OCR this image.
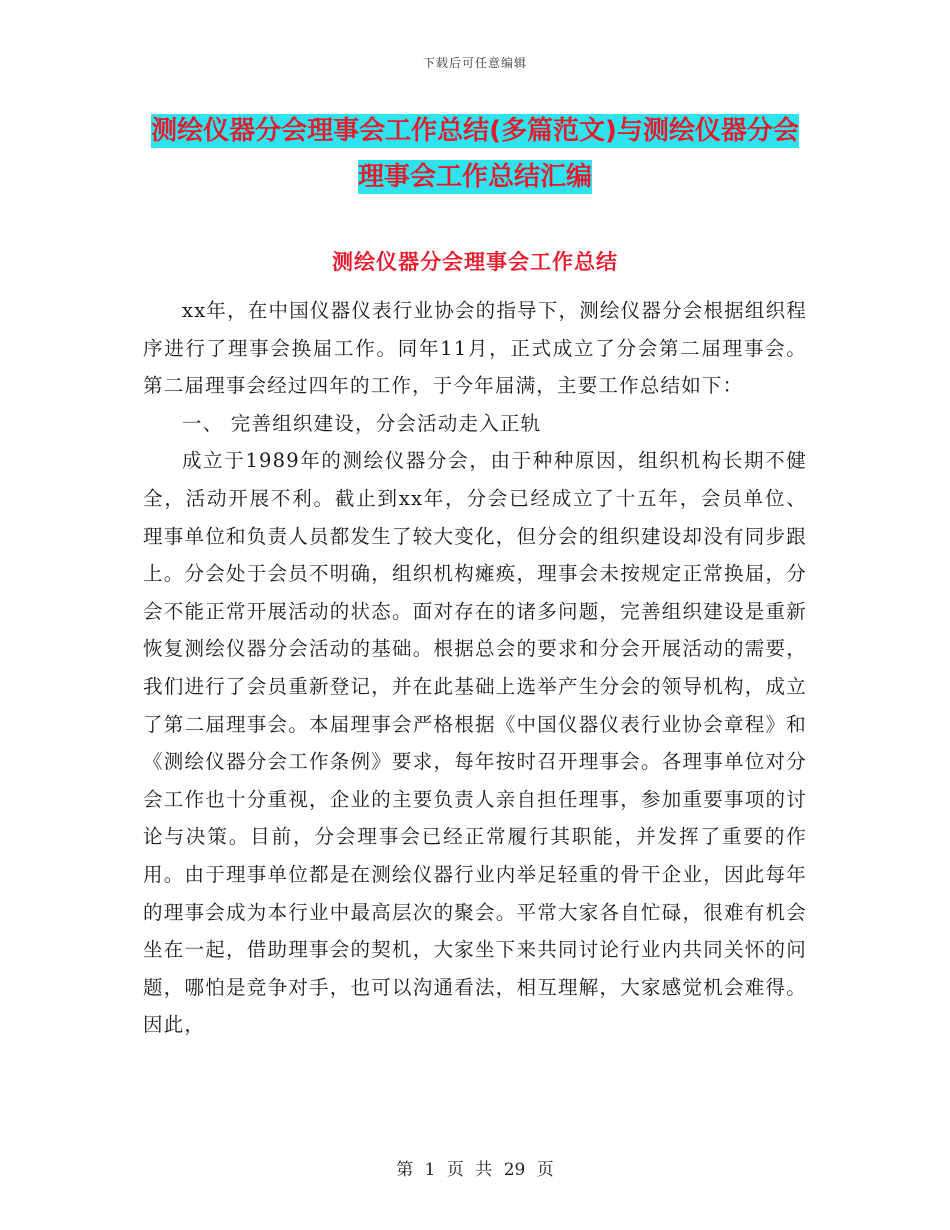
下载后可任意编辑
测绘仪器分会理事会工作总结(多篇范文)与测绘仪器分会理事会工作总结汇编
测绘仪器分会理事会工作总结

xx年，在中国仪器仪表行业协会的指导下，测绘仪器分会根据组织程序进行了理事会换届工作。同年11月，正式成立了分会第二届理事会。第二届理事会经过四年的工作，于今年届满，主要工作总结如下：

一、 完善组织建设，分会活动走入正轨

成立于1989年的测绘仪器分会，由于种种原因，组织机构长期不健全，活动开展不利。截止到xx年，分会已经成立了十五年，会员单位、理事单位和负责人员都发生了较大变化，但分会的组织建设却没有同步跟上。分会处于会员不明确，组织机构瘫痪，理事会未按规定正常换届，分会不能正常开展活动的状态。面对存在的诸多问题，完善组织建设是重新恢复测绘仪器分会活动的基础。根据总会的要求和分会开展活动的需要，我们进行了会员重新登记，并在此基础上选举产生分会的领导机构，成立了第二届理事会。本届理事会严格根据《中国仪器仪表行业协会章程》和《测绘仪器分会工作条例》要求，每年按时召开理事会。各理事单位对分会工作也十分重视，企业的主要负责人亲自担任理事，参加重要事项的讨论与决策。目前，分会理事会已经正常履行其职能，并发挥了重要的作用。由于理事单位都是在测绘仪器行业内举足轻重的骨干企业，因此每年的理事会成为本行业中最高层次的聚会。平常大家各自忙碌，很难有机会坐在一起，借助理事会的契机，大家坐下来共同讨论行业内共同关怀的问题，哪怕是竞争对手，也可以沟通看法，相互理解，大家感觉机会难得。因此，

第 1 页 共 29 页
